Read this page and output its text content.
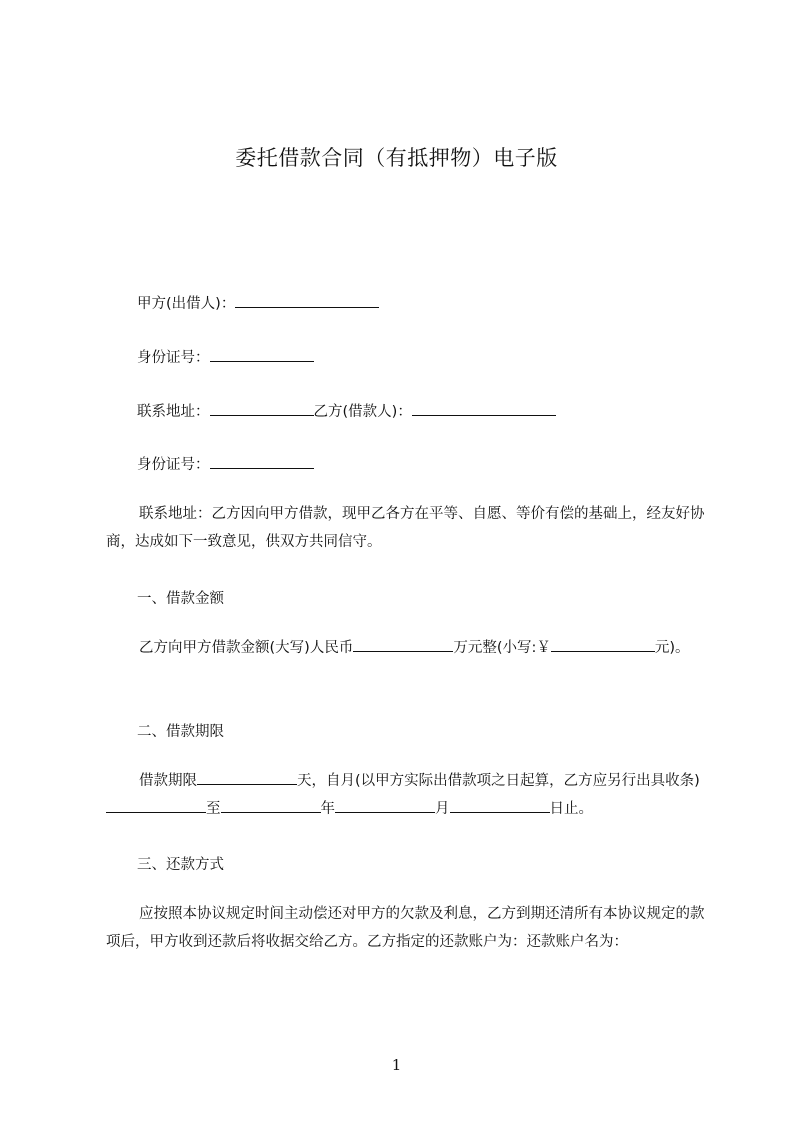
委托借款合同（有抵押物）电子版
甲方(出借人)：
身份证号：
联系地址：	乙方(借款人)：
身份证号：
联系地址：乙方因向甲方借款，现甲乙各方在平等、自愿、等价有偿的基础上，经友好协商，达成如下一致意见，供双方共同信守。
一、借款金额
乙方向甲方借款金额(大写)人民币	万元整(小写:￥	元)。
二、借款期限
借款期限	天，自月(以甲方实际出借款项之日起算，乙方应另行出具收条)至	年	月	日止。
三、还款方式
应按照本协议规定时间主动偿还对甲方的欠款及利息，乙方到期还清所有本协议规定的款项后，甲方收到还款后将收据交给乙方。乙方指定的还款账户为：还款账户名为：
1
